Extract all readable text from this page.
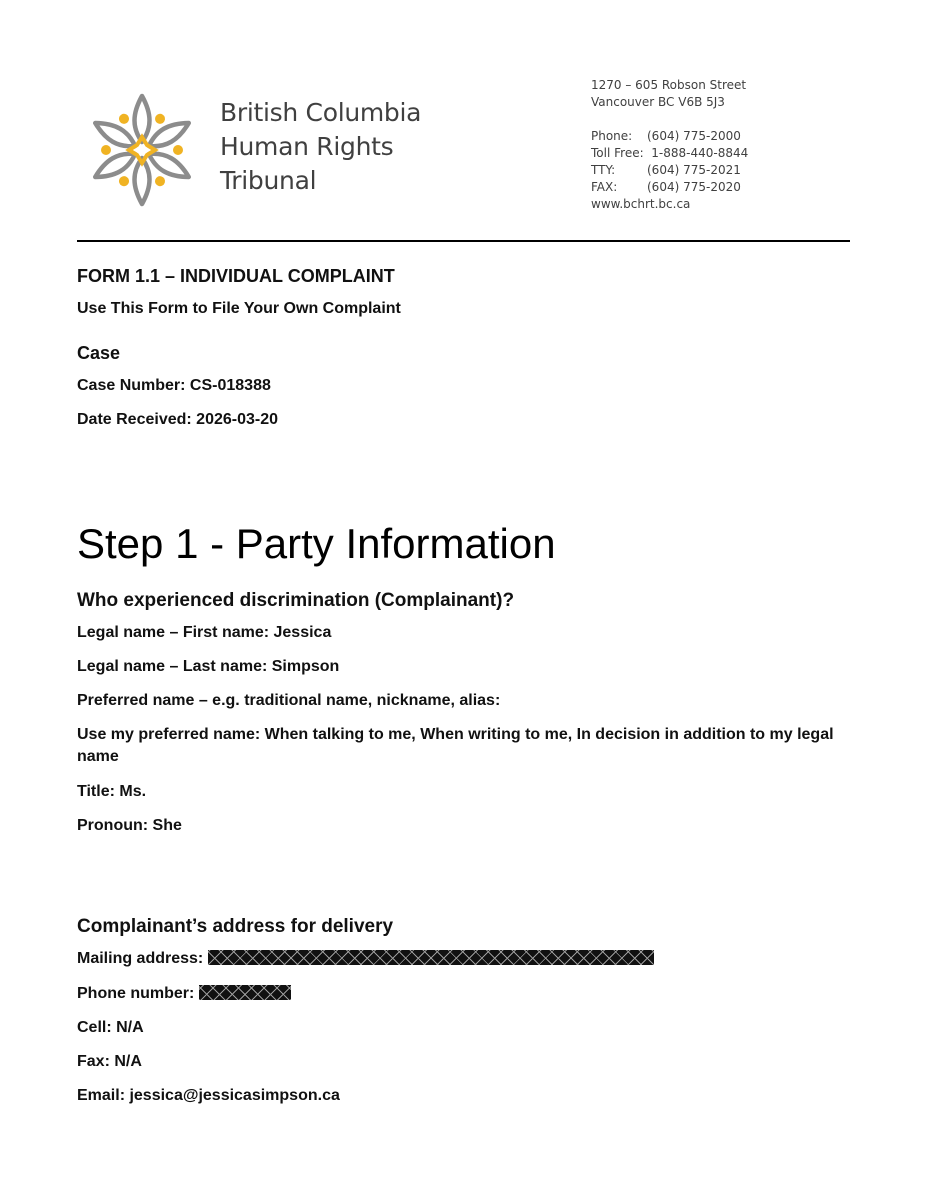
British Columbia
Human Rights
Tribunal
1270 – 605 Robson Street
Vancouver BC V6B 5J3
Phone: (604) 775-2000
Toll Free: 1-888-440-8844
TTY:	(604) 775-2021
FAX: (604) 775-2020
www.bchrt.bc.ca
FORM 1.1 – INDIVIDUAL COMPLAINT
Use This Form to File Your Own Complaint
Case
Case Number: CS-018388
Date Received: 2026-03-20
Step 1 - Party Information
Who experienced discrimination (Complainant)?
Legal name – First name: Jessica
Legal name – Last name: Simpson
Preferred name – e.g. traditional name, nickname, alias:
Use my preferred name: When talking to me, When writing to me, In decision in addition to my legal name
Title: Ms.
Pronoun: She
Complainant’s address for delivery
Mailing address:
Phone number:
Cell: N/A
Fax: N/A
Email: jessica@jessicasimpson.ca
